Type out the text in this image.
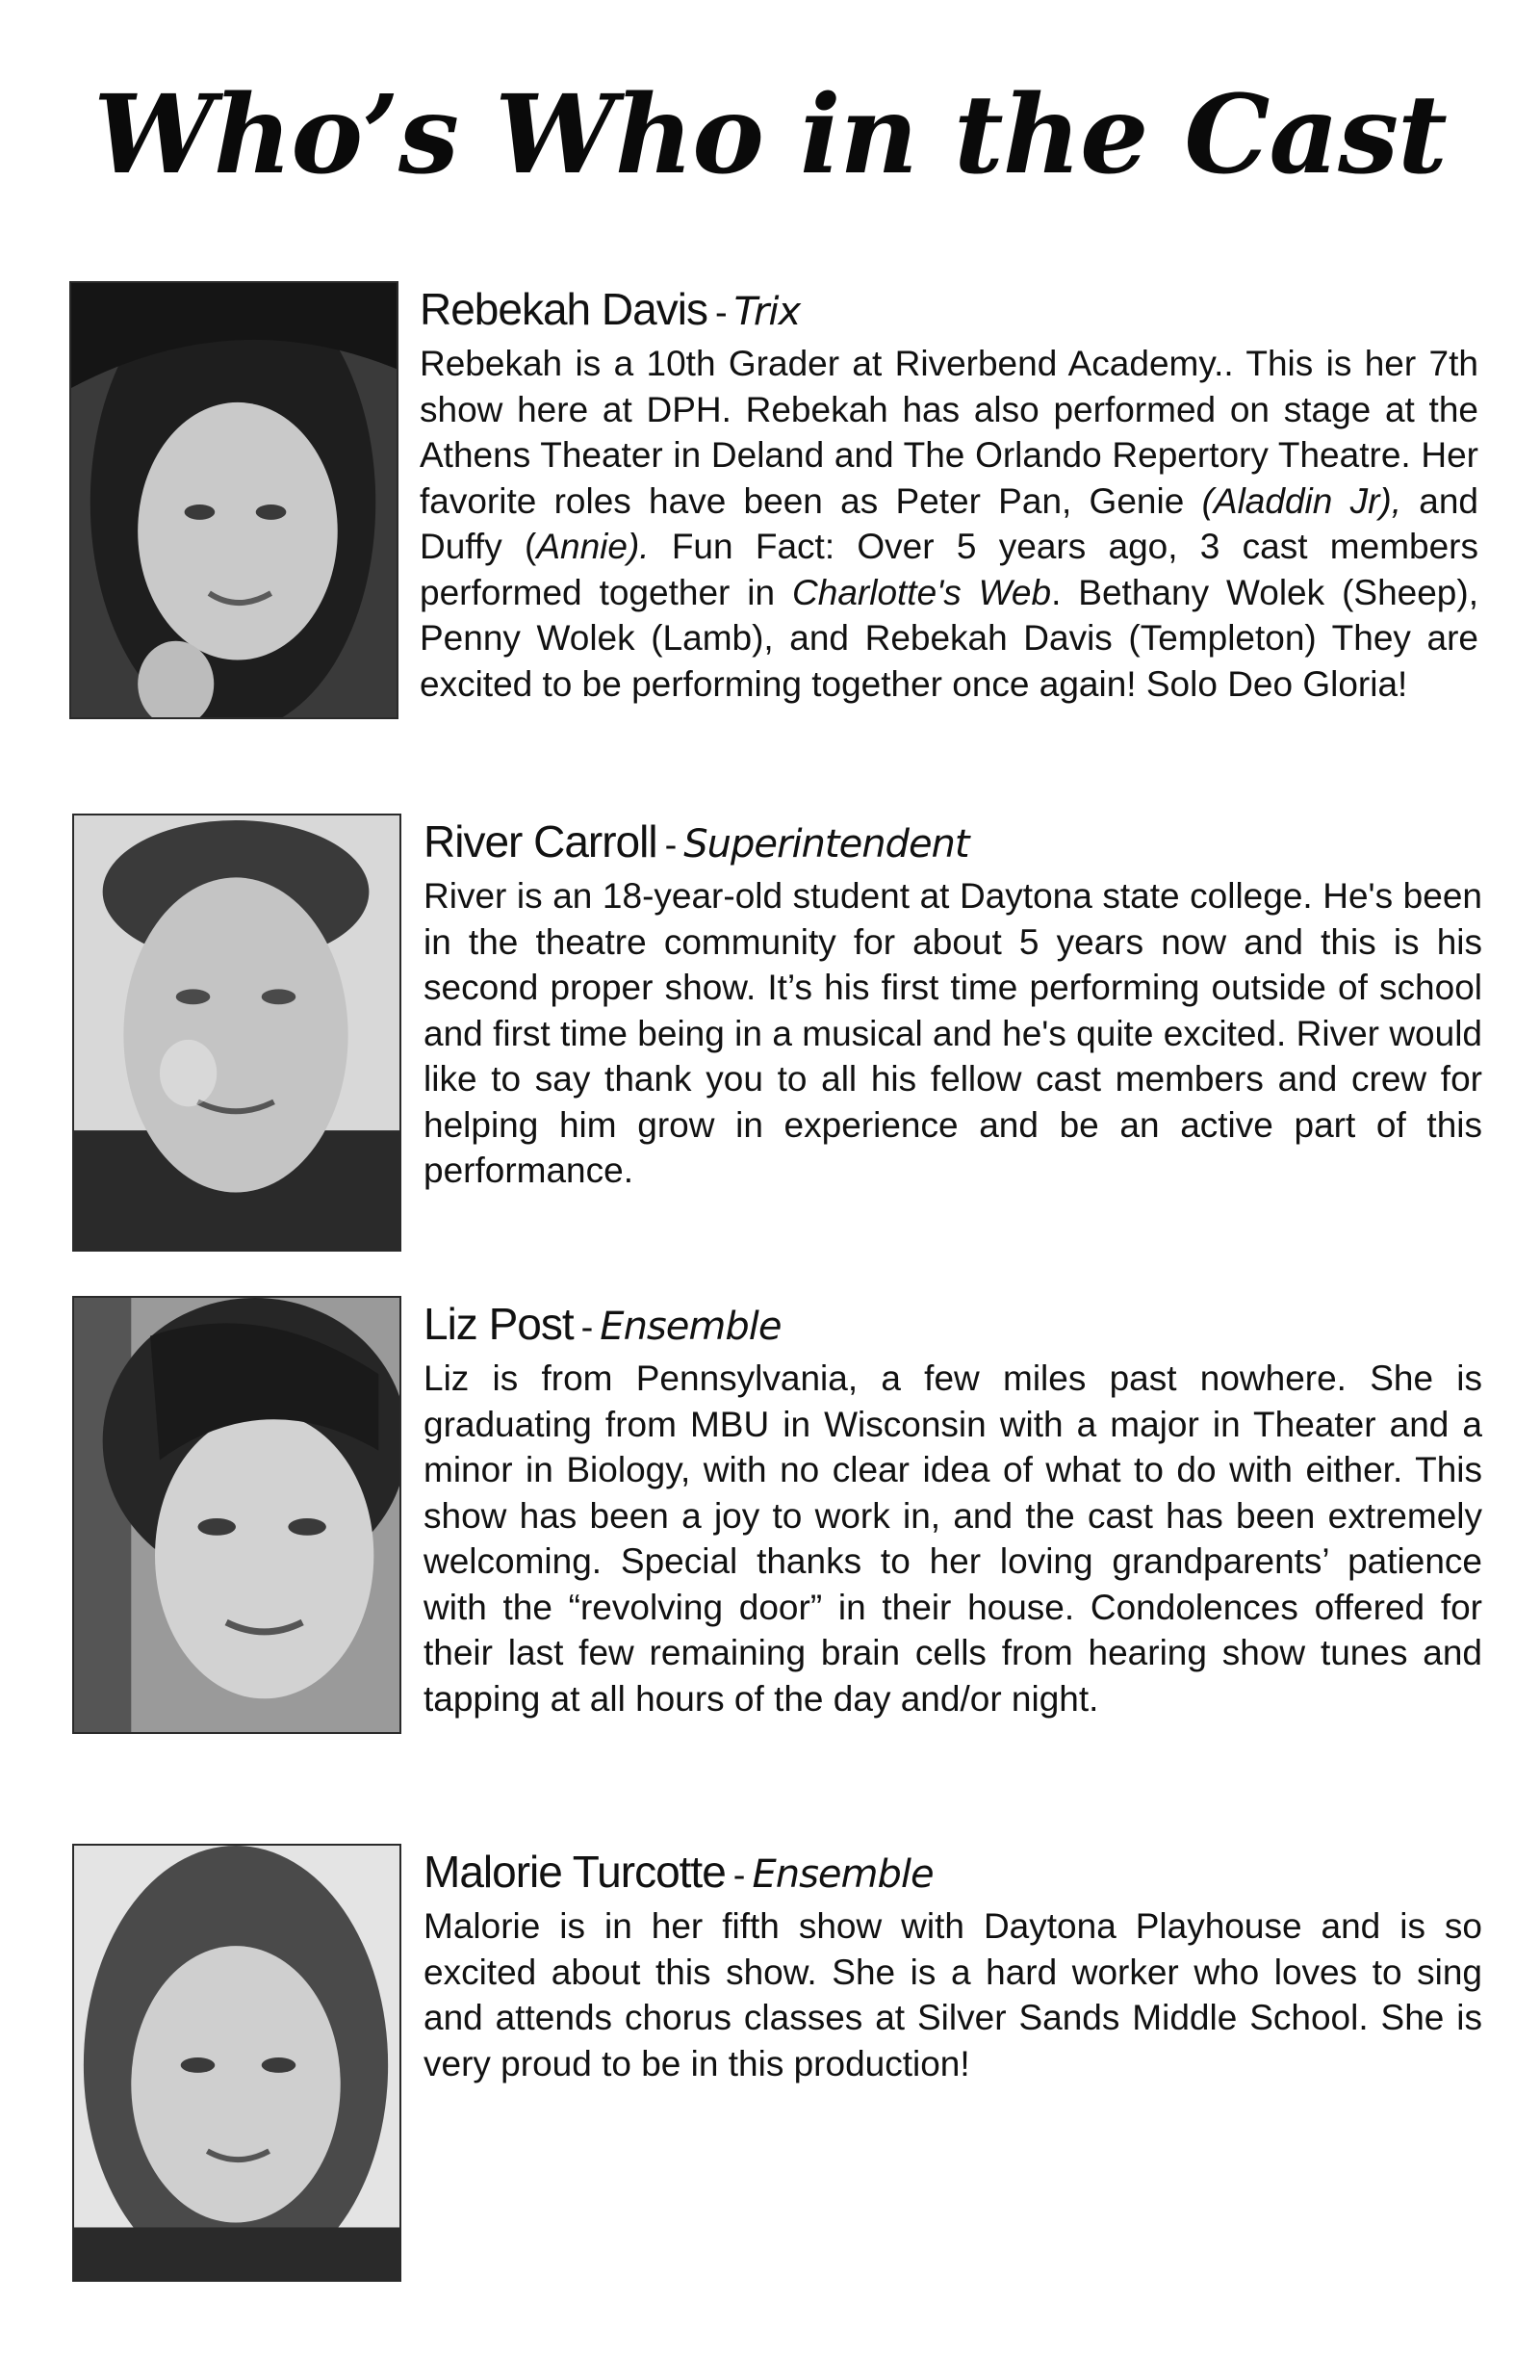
Who’s Who in the Cast
Rebekah Davis - Trix

Rebekah is a 10th Grader at Riverbend Academy.. This is her 7th show here at DPH. Rebekah has also performed on stage at the Athens Theater in Deland and The Orlando Repertory Theatre. Her favorite roles have been as Peter Pan, Genie (Aladdin Jr), and Duffy (Annie). Fun Fact: Over 5 years ago, 3 cast members performed together in Charlotte's Web. Bethany Wolek (Sheep), Penny Wolek (Lamb), and Rebekah Davis (Templeton) They are excited to be performing together once again! Solo Deo Gloria!

River Carroll - Superintendent

River is an 18-year-old student at Daytona state college. He's been in the theatre community for about 5 years now and this is his second proper show. It’s his first time performing outside of school and first time being in a musical and he's quite excited. River would like to say thank you to all his fellow cast members and crew for helping him grow in experience and be an active part of this performance.

Liz Post - Ensemble

Liz is from Pennsylvania, a few miles past nowhere. She is graduating from MBU in Wisconsin with a major in Theater and a minor in Biology, with no clear idea of what to do with either. This show has been a joy to work in, and the cast has been extremely welcoming. Special thanks to her loving grandparents’ patience with the “revolving door” in their house. Condolences offered for their last few remaining brain cells from hearing show tunes and tapping at all hours of the day and/or night.

Malorie Turcotte - Ensemble

Malorie is in her fifth show with Daytona Playhouse and is so excited about this show. She is a hard worker who loves to sing and attends chorus classes at Silver Sands Middle School. She is very proud to be in this production!
